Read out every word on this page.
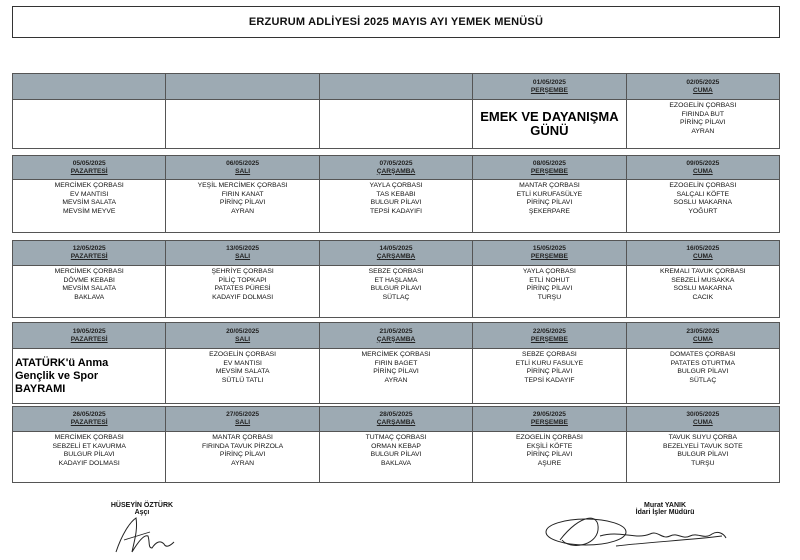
ERZURUM ADLİYESİ 2025 MAYIS AYI YEMEK MENÜSÜ
01/05/2025
PERŞEMBE
02/05/2025
CUMA
EMEK VE DAYANIŞMA GÜNÜ
EZOGELİN ÇORBASI
FIRINDA BUT
PİRİNÇ PİLAVI
AYRAN
05/05/2025
PAZARTESİ
06/05/2025
SALI
07/05/2025
ÇARŞAMBA
08/05/2025
PERŞEMBE
09/05/2025
CUMA
MERCİMEK ÇORBASI
EV MANTISI
MEVSİM SALATA
MEVSİM MEYVE
YEŞİL MERCİMEK ÇORBASI
FIRIN KANAT
PİRİNÇ PİLAVI
AYRAN
YAYLA ÇORBASI
TAS KEBABI
BULGUR PİLAVI
TEPSİ KADAYIFI
MANTAR ÇORBASI
ETLİ KURUFASÜLYE
PİRİNÇ PİLAVI
ŞEKERPARE
EZOGELİN ÇORBASI
SALÇALI KÖFTE
SOSLU MAKARNA
YOĞURT
12/05/2025
PAZARTESİ
13/05/2025
SALI
14/05/2025
ÇARŞAMBA
15/05/2025
PERŞEMBE
16/05/2025
CUMA
MERCİMEK ÇORBASI
DÖVME KEBABI
MEVSİM SALATA
BAKLAVA
ŞEHRİYE ÇORBASI
PİLİÇ TOPKAPI
PATATES PÜRESİ
KADAYIF DOLMASI
SEBZE ÇORBASI
ET HAŞLAMA
BULGUR PİLAVI
SÜTLAÇ
YAYLA ÇORBASI
ETLİ NOHUT
PİRİNÇ PİLAVI
TURŞU
KREMALI TAVUK ÇORBASI
SEBZELİ MUSAKKA
SOSLU MAKARNA
CACIK
19/05/2025
PAZARTESİ
20/05/2025
SALI
21/05/2025
ÇARŞAMBA
22/05/2025
PERŞEMBE
23/05/2025
CUMA
ATATÜRK'ü Anma
Gençlik ve Spor
BAYRAMI
EZOGELİN ÇORBASI
EV MANTISI
MEVSİM SALATA
SÜTLÜ TATLI
MERCİMEK ÇORBASI
FIRIN BAGET
PİRİNÇ PİLAVI
AYRAN
SEBZE ÇORBASI
ETLİ KURU FASULYE
PİRİNÇ PİLAVI
TEPSİ KADAYIF
DOMATES ÇORBASI
PATATES OTURTMA
BULGUR PİLAVI
SÜTLAÇ
26/05/2025
PAZARTESİ
27/05/2025
SALI
28/05/2025
ÇARŞAMBA
29/05/2025
PERŞEMBE
30/05/2025
CUMA
MERCİMEK ÇORBASI
SEBZELİ ET KAVURMA
BULGUR PİLAVI
KADAYIF DOLMASI
MANTAR ÇORBASI
FIRINDA TAVUK PİRZOLA
PİRİNÇ PİLAVI
AYRAN
TUTMAÇ ÇORBASI
ORMAN KEBAP
BULGUR PİLAVI
BAKLAVA
EZOGELİN ÇORBASI
EKŞİLİ KÖFTE
PİRİNÇ PİLAVI
AŞURE
TAVUK SUYU ÇORBA
BEZELYELİ TAVUK SOTE
BULGUR PİLAVI
TURŞU
HÜSEYİN ÖZTÜRK
Aşçı
Murat YANIK
İdari İşler Müdürü
